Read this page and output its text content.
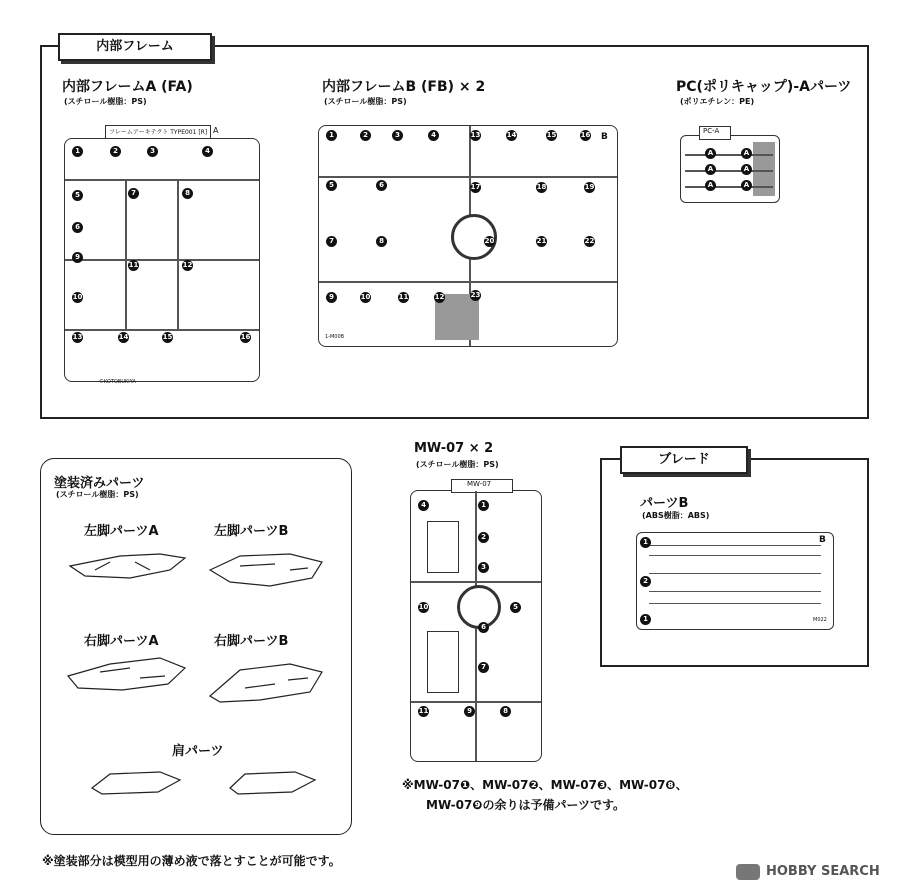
内部フレーム
内部フレームA (FA)
(スチロール樹脂：PS)
フレームアーキテクト TYPE001 [R] A
©KOTOBUKIYA
1	2	3	4
5
6
7	8
9
10
11	12
13	14	15	16
内部フレームB (FB) × 2
(スチロール樹脂：PS)
B
1-M00B
1	2	3	4
5	6
7	8
9	10	11	12
13	14	15	16
17	18	19
20	21	22
23
PC(ポリキャップ)-Aパーツ
(ポリエチレン：PE)
PC-A
A	A
A	A
A	A
塗装済みパーツ
(スチロール樹脂：PS)
左脚パーツA	左脚パーツB
右脚パーツA	右脚パーツB
肩パーツ
MW-07 × 2
(スチロール樹脂：PS)
MW-07
4	1
2
3
10	5
6
7
11	9	8
ブレード
パーツB
(ABS樹脂：ABS)
B
M022
1
2
1
※MW-07❶、MW-07❷、MW-07❸、MW-07❽、
MW-07❾の余りは予備パーツです。
※塗装部分は模型用の薄め液で落とすことが可能です。
HOBBY SEARCH
